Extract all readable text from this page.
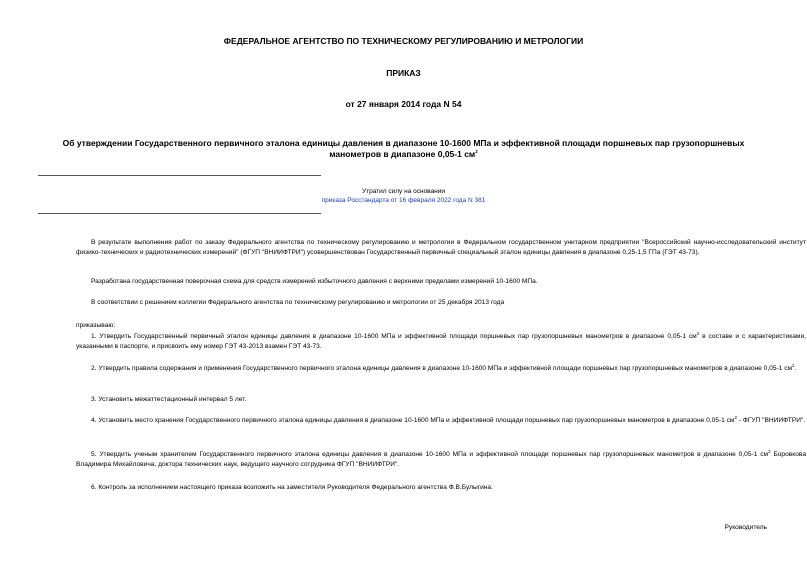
ФЕДЕРАЛЬНОЕ АГЕНТСТВО ПО ТЕХНИЧЕСКОМУ РЕГУЛИРОВАНИЮ И МЕТРОЛОГИИ
ПРИКАЗ
от 27 января 2014 года N 54
Об утверждении Государственного первичного эталона единицы давления в диапазоне 10-1600 МПа и эффективной площади поршневых пар грузопоршневых
манометров в диапазоне 0,05-1 $см^2$
Утратил силу на основании
приказа Росстандарта от 16 февраля 2022 года N 381

В результате выполнения работ по заказу Федерального агентства по техническому регулированию и метрологии в Федеральном государственном унитарном предприятии "Всероссийский научно-исследовательский институт физико-технических и радиотехнических измерений" (ФГУП "ВНИИФТРИ") усовершенствован Государственный первичный специальный эталон единицы давления в диапазоне 0,25-1,5 ГПа (ГЭТ 43-73).

Разработана государственная поверочная схема для средств измерений избыточного давления с верхними пределами измерений 10-1600 МПа.

В соответствии с решением коллегии Федерального агентства по техническому регулированию и метрологии от 25 декабря 2013 года

приказываю:

1. Утвердить Государственный первичный эталон единицы давления в диапазоне 10-1600 МПа и эффективной площади поршневых пар грузопоршневых манометров в диапазоне 0,05-1 $см^2$ в составе и с характеристиками, указанными в паспорте, и присвоить ему номер ГЭТ 43-2013 взамен ГЭТ 43-73.

2. Утвердить правила содержания и применения Государственного первичного эталона единицы давления в диапазоне 10-1600 МПа и эффективной площади поршневых пар грузопоршневых манометров в диапазоне 0,05-1 $см^2$.

3. Установить межаттестационный интервал 5 лет.

4. Установить место хранения Государственного первичного эталона единицы давления в диапазоне 10-1600 МПа и эффективной площади поршневых пар грузопоршневых манометров в диапазоне 0,05-1 $см^2$ - ФГУП "ВНИИФТРИ".

5. Утвердить ученым хранителем Государственного первичного эталона единицы давления в диапазоне 10-1600 МПа и эффективной площади поршневых пар грузопоршневых манометров в диапазоне 0,05-1 $см^2$ Боровкова Владимира Михайловича, доктора технических наук, ведущего научного сотрудника ФГУП "ВНИИФТРИ".

6. Контроль за исполнением настоящего приказа возложить на заместителя Руководителя Федерального агентства Ф.В.Булыгина.

Руководитель
